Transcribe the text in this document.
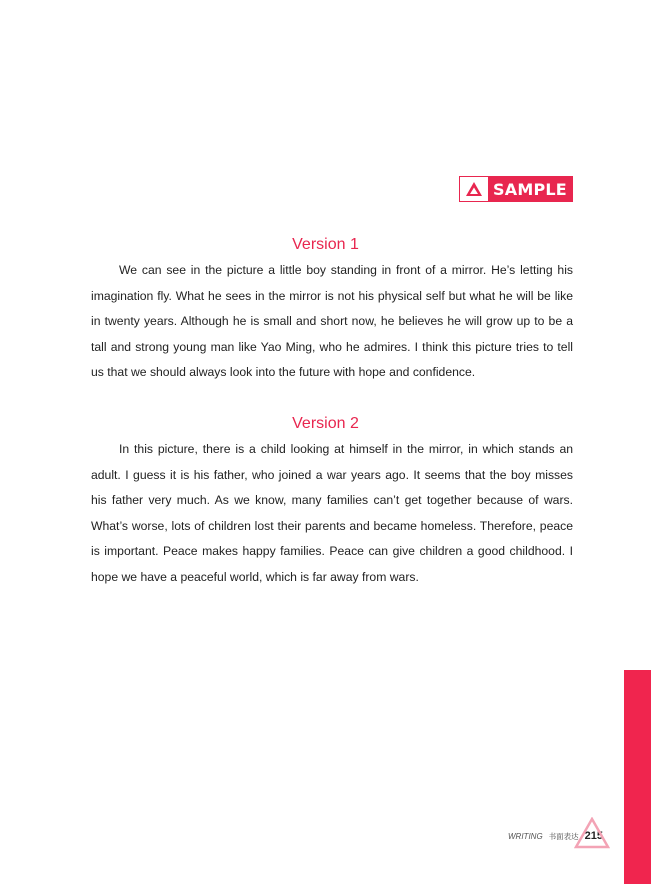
SAMPLE
Version 1

We can see in the picture a little boy standing in front of a mirror. He’s letting his imagination fly. What he sees in the mirror is not his physical self but what he will be like in twenty years. Although he is small and short now, he believes he will grow up to be a tall and strong young man like Yao Ming, who he admires. I think this picture tries to tell us that we should always look into the future with hope and confidence.

Version 2

In this picture, there is a child looking at himself in the mirror, in which stands an adult. I guess it is his father, who joined a war years ago. It seems that the boy misses his father very much. As we know, many families can’t get together because of wars. What’s worse, lots of children lost their parents and became homeless. Therefore, peace is important. Peace makes happy families. Peace can give children a good childhood. I hope we have a peaceful world, which is far away from wars.

WRITING 书面表达 215
